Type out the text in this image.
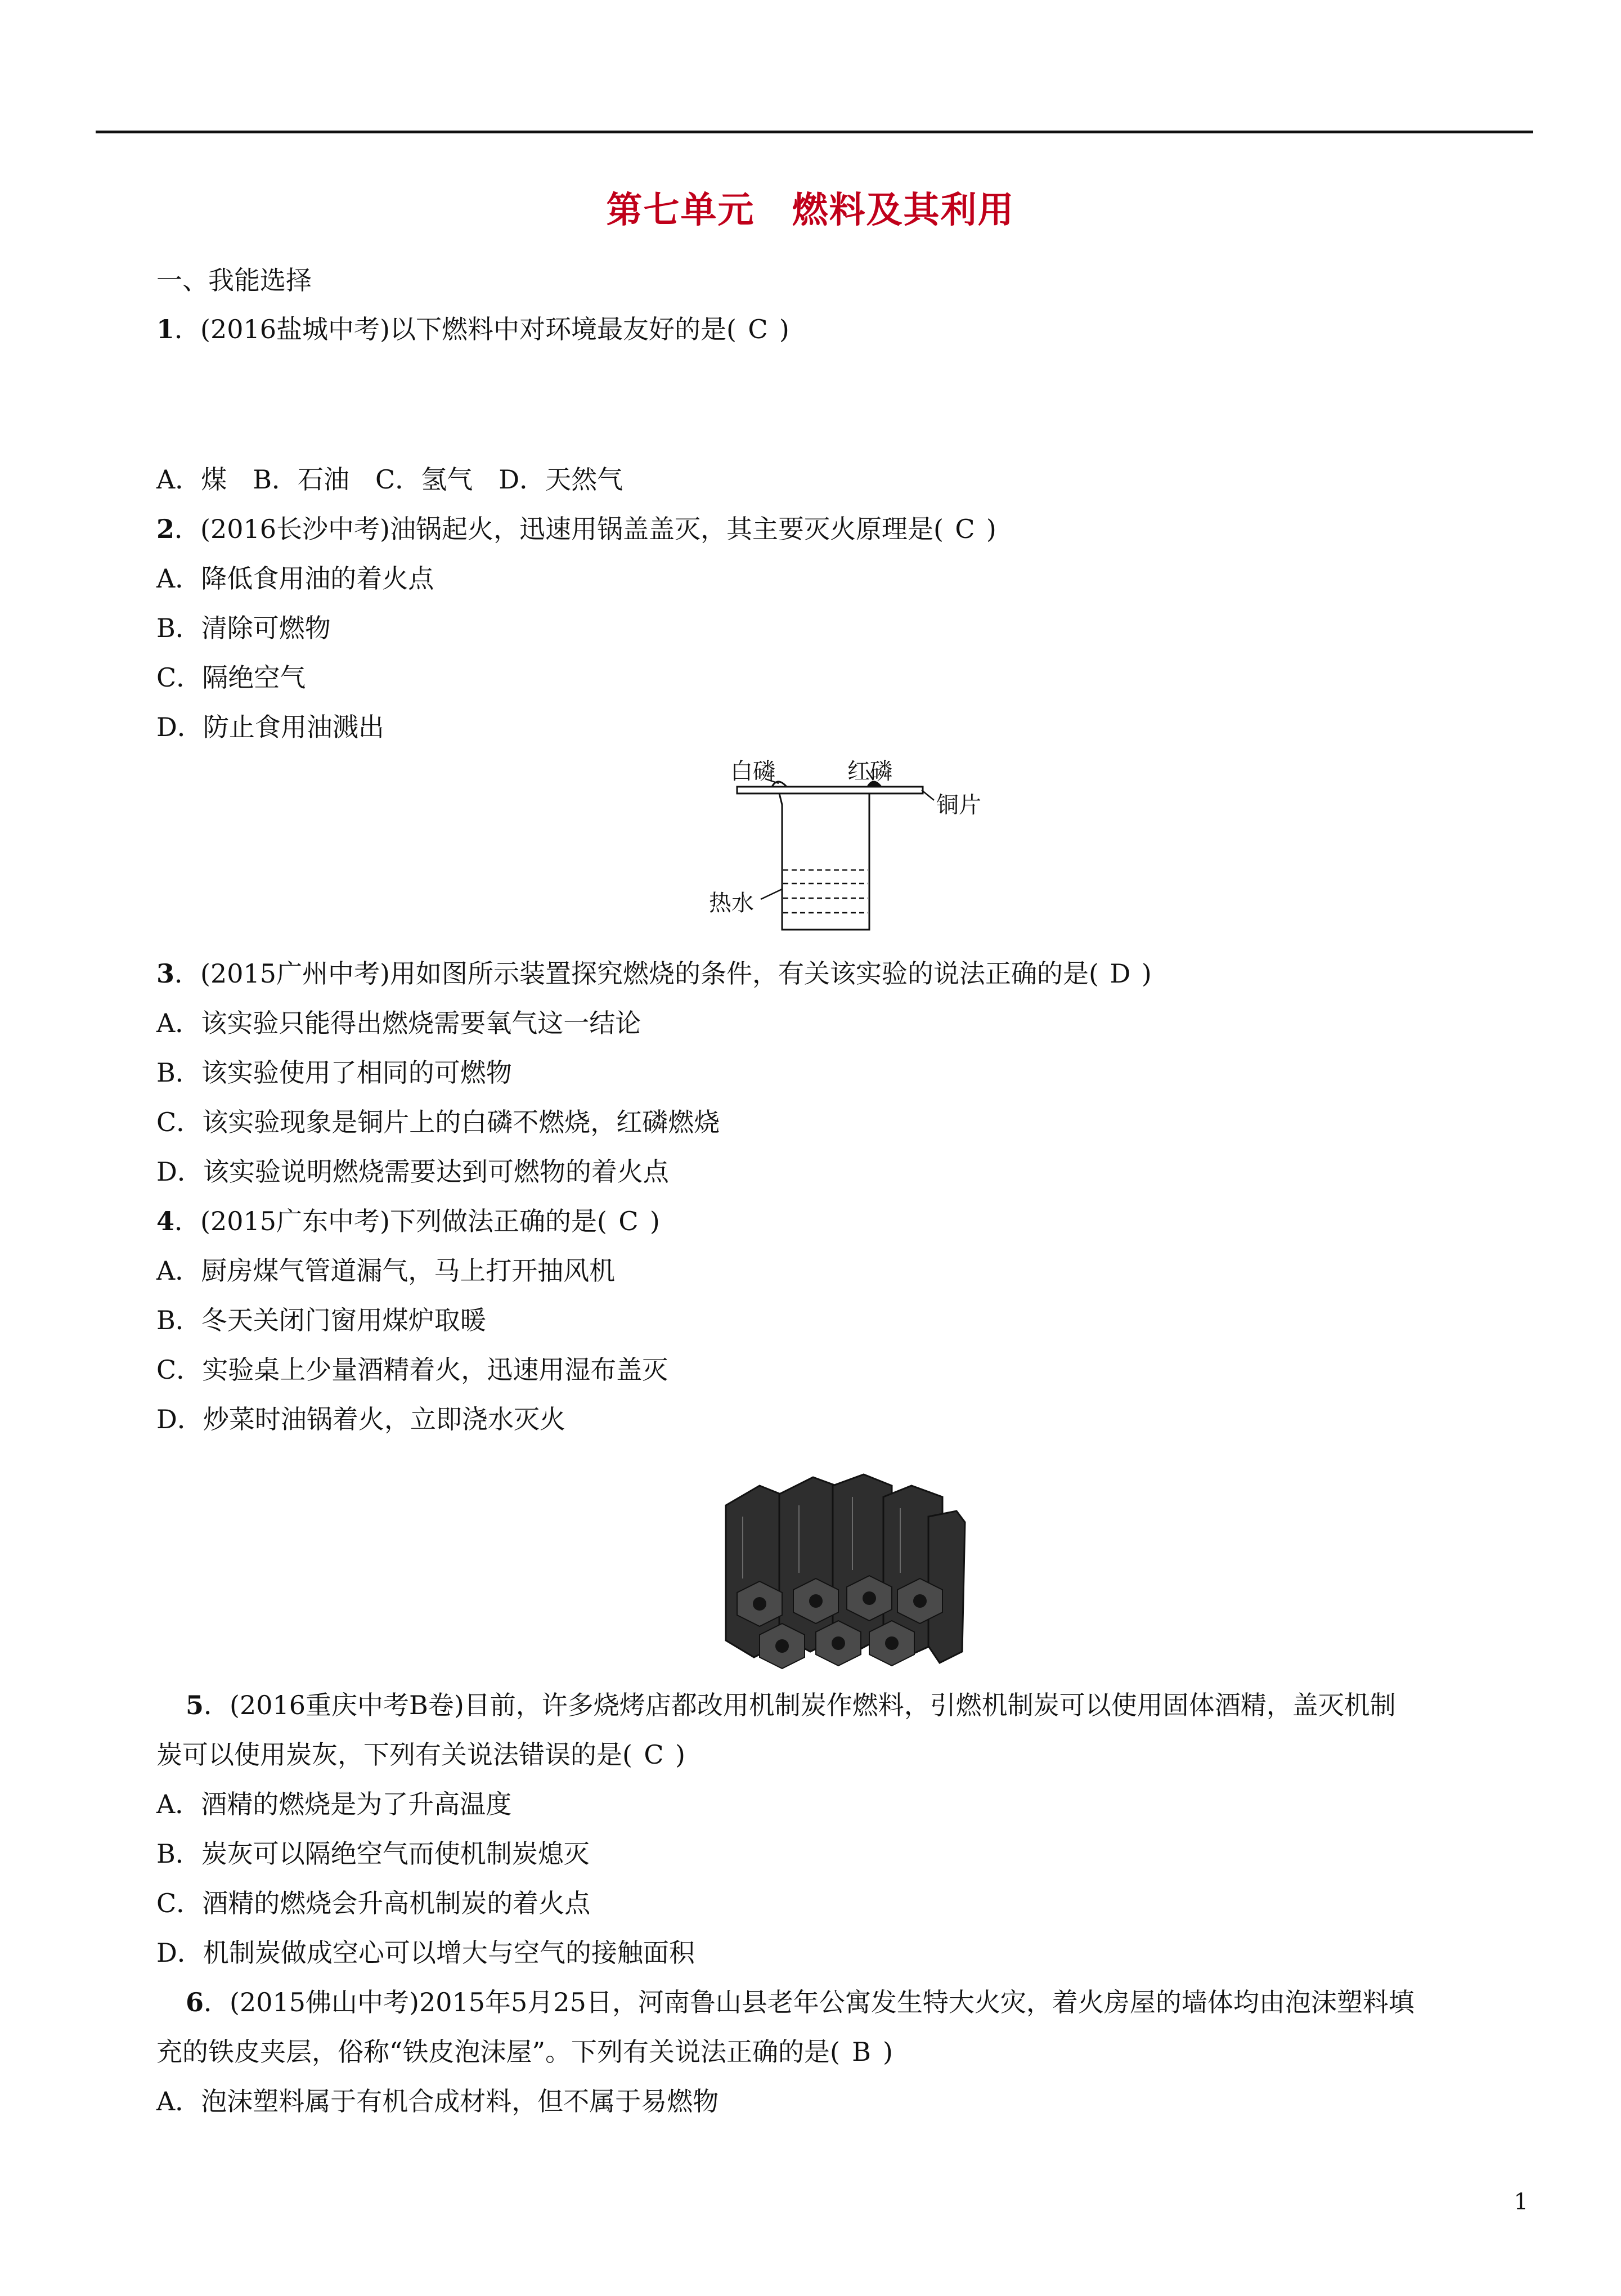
第七单元　燃料及其利用
一、我能选择
1．(2016盐城中考)以下燃料中对环境最友好的是( C )
A．煤　B．石油　C．氢气　D．天然气
2．(2016长沙中考)油锅起火，迅速用锅盖盖灭，其主要灭火原理是( C )
A．降低食用油的着火点
B．清除可燃物
C．隔绝空气
D．防止食用油溅出
白磷	红磷
铜片
热水
3．(2015广州中考)用如图所示装置探究燃烧的条件，有关该实验的说法正确的是( D )
A．该实验只能得出燃烧需要氧气这一结论
B．该实验使用了相同的可燃物
C．该实验现象是铜片上的白磷不燃烧，红磷燃烧
D．该实验说明燃烧需要达到可燃物的着火点
4．(2015广东中考)下列做法正确的是( C )
A．厨房煤气管道漏气，马上打开抽风机
B．冬天关闭门窗用煤炉取暖
C．实验桌上少量酒精着火，迅速用湿布盖灭
D．炒菜时油锅着火，立即浇水灭火
5．(2016重庆中考B卷)目前，许多烧烤店都改用机制炭作燃料，引燃机制炭可以使用固体酒精，盖灭机制
炭可以使用炭灰，下列有关说法错误的是( C )
A．酒精的燃烧是为了升高温度
B．炭灰可以隔绝空气而使机制炭熄灭
C．酒精的燃烧会升高机制炭的着火点
D．机制炭做成空心可以增大与空气的接触面积
6．(2015佛山中考)2015年5月25日，河南鲁山县老年公寓发生特大火灾，着火房屋的墙体均由泡沫塑料填
充的铁皮夹层，俗称“铁皮泡沫屋”。下列有关说法正确的是( B )
A．泡沫塑料属于有机合成材料，但不属于易燃物
1
